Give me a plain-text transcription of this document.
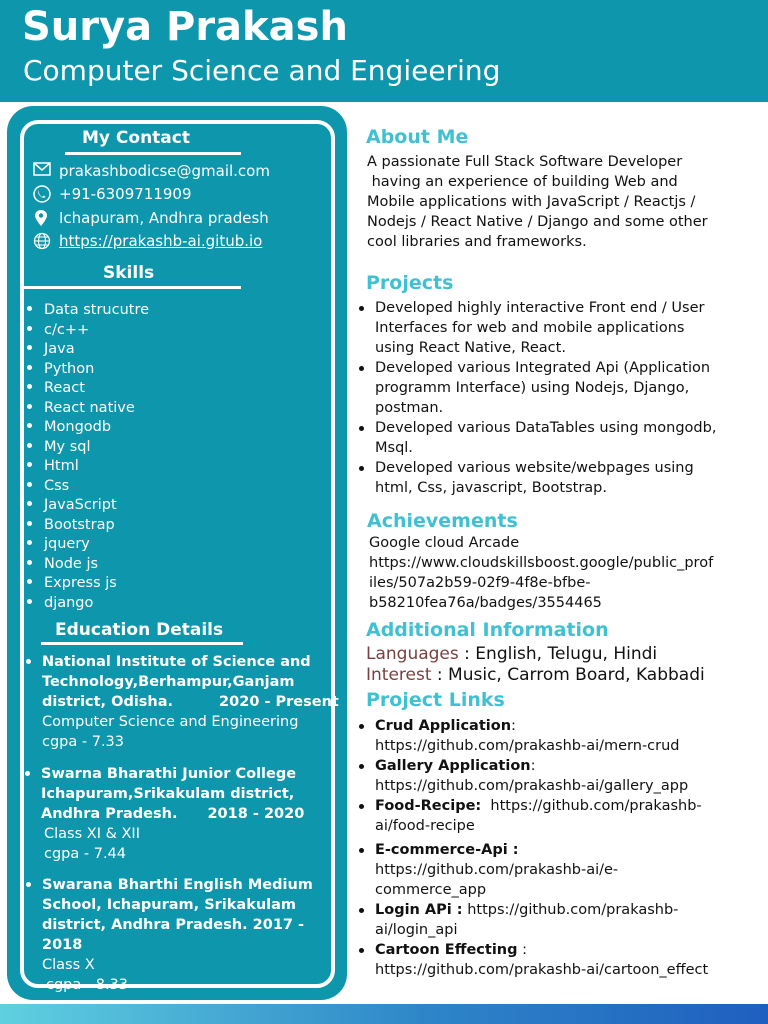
Surya Prakash
Computer Science and Engieering
My Contact
prakashbodicse@gmail.com
+91-6309711909
Ichapuram, Andhra pradesh
https://prakashb-ai.gitub.io
Skills
Data strucutre
c/c++
Java
Python
React
React native
Mongodb
My sql
Html
Css
JavaScript
Bootstrap
jquery
Node js
Express js
django
Education Details
National Institute of Science and
Technology,Berhampur,Ganjam
district, Odisha.	2020 - Present
Computer Science and Engineering
cgpa - 7.33
Swarna Bharathi Junior College
Ichapuram,Srikakulam district,
Andhra Pradesh. 2018 - 2020
Class XI & XII
cgpa - 7.44
Swarana Bharthi English Medium
School, Ichapuram, Srikakulam
district, Andhra Pradesh. 2017 - 2018
Class X
cgpa - 8.33
About Me
A passionate Full Stack Software Developer
having an experience of building Web and
Mobile applications with JavaScript / Reactjs /
Nodejs / React Native / Django and some other
cool libraries and frameworks.
Projects
Developed highly interactive Front end / User
Interfaces for web and mobile applications
using React Native, React.
Developed various Integrated Api (Application
programm Interface) using Nodejs, Django,
postman.
Developed various DataTables using mongodb,
Msql.
Developed various website/webpages using
html, Css, javascript, Bootstrap.
Achievements
Google cloud Arcade
https://www.cloudskillsboost.google/public_prof
iles/507a2b59-02f9-4f8e-bfbe-
b58210fea76a/badges/3554465
Additional Information
Languages : English, Telugu, Hindi
Interest : Music, Carrom Board, Kabbadi
Project Links
Crud Application:
https://github.com/prakashb-ai/mern-crud
Gallery Application:
https://github.com/prakashb-ai/gallery_app
Food-Recipe:  https://github.com/prakashb-
ai/food-recipe
E-commerce-Api :
https://github.com/prakashb-ai/e-
commerce_app
Login APi : https://github.com/prakashb-
ai/login_api
Cartoon Effecting :
https://github.com/prakashb-ai/cartoon_effect
